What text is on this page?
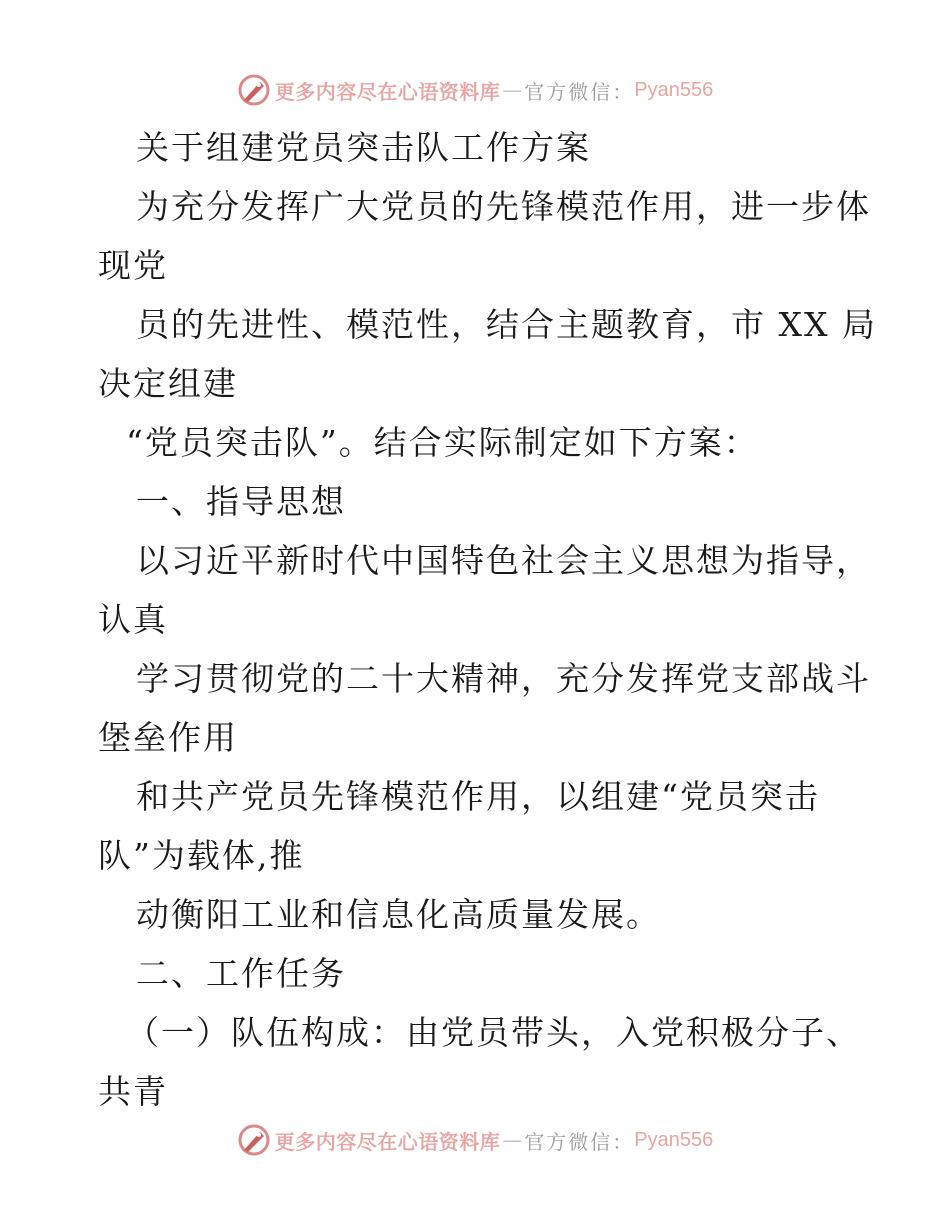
更多内容尽在心语资料库 — 官方微信： Pyan556
关于组建党员突击队工作方案
为充分发挥广大党员的先锋模范作用，进一步体
现党
员的先进性、模范性，结合主题教育，市 XX 局
决定组建
“党员突击队”。结合实际制定如下方案：
一、指导思想
以习近平新时代中国特色社会主义思想为指导，
认真
学习贯彻党的二十大精神，充分发挥党支部战斗
堡垒作用
和共产党员先锋模范作用，以组建“党员突击
队”为载体,推
动衡阳工业和信息化高质量发展。
二、工作任务
（一）队伍构成：由党员带头，入党积极分子、
共青
更多内容尽在心语资料库 — 官方微信： Pyan556
